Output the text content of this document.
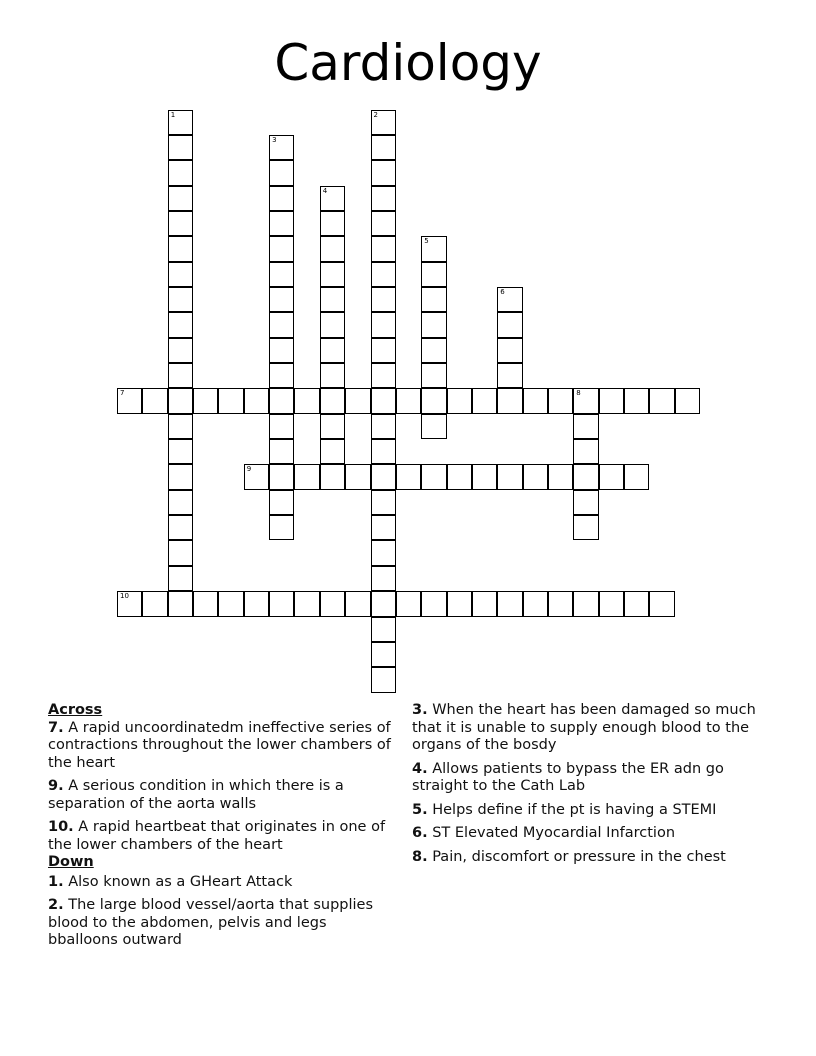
Cardiology
1	2
3
4
5
6
7	8
9
10
Across
7. A rapid uncoordinatedm ineffective series of contractions throughout the lower chambers of the heart
9. A serious condition in which there is a separation of the aorta walls
10. A rapid heartbeat that originates in one of the lower chambers of the heart
Down
1. Also known as a GHeart Attack
2. The large blood vessel/aorta that supplies blood to the abdomen, pelvis and legs bballoons outward
3. When the heart has been damaged so much that it is unable to supply enough blood to the organs of the bosdy
4. Allows patients to bypass the ER adn go straight to the Cath Lab
5. Helps define if the pt is having a STEMI
6. ST Elevated Myocardial Infarction
8. Pain, discomfort or pressure in the chest
